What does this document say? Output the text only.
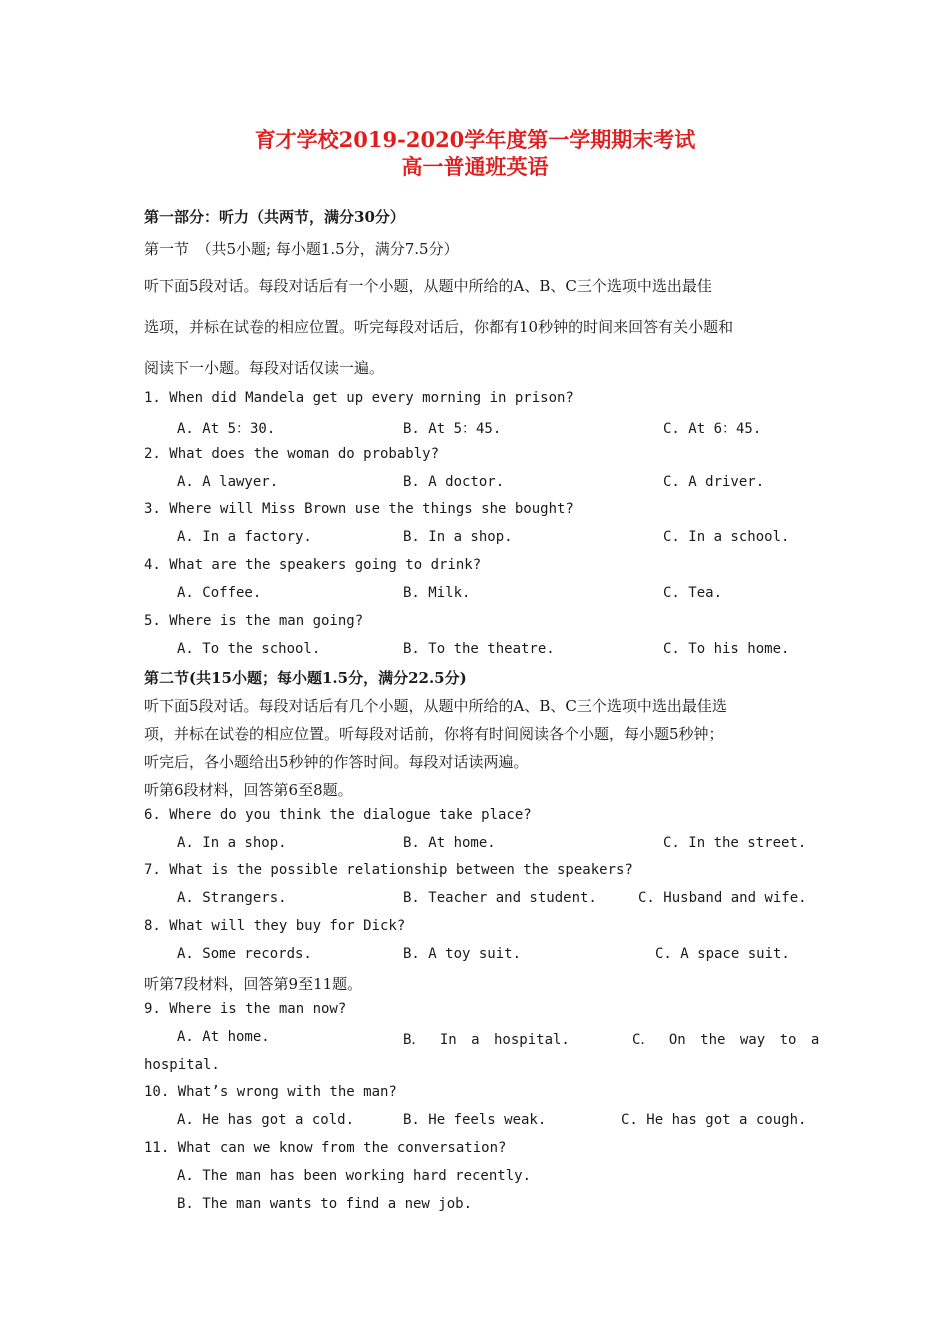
育才学校2019-2020学年度第一学期期末考试
高一普通班英语
第一部分：听力（共两节，满分30分）
第一节　（共5小题; 每小题1.5分，满分7.5分）
听下面5段对话。每段对话后有一个小题，从题中所给的A、B、C三个选项中选出最佳
选项，并标在试卷的相应位置。听完每段对话后，你都有10秒钟的时间来回答有关小题和
阅读下一小题。每段对话仅读一遍。
1. When did Mandela get up every morning in prison?
A. At 5：30.	B. At 5：45.	C. At 6：45.
2. What does the woman do probably?
A. A lawyer.	B. A doctor.	C. A driver.
3. Where will Miss Brown use the things she bought?
A. In a factory.	B. In a shop.	C. In a school.
4. What are the speakers going to drink?
A. Coffee.	B. Milk.	C. Tea.
5. Where is the man going?
A. To the school.	B. To the theatre.	C. To his home.
第二节(共15小题；每小题1.5分，满分22.5分)
听下面5段对话。每段对话后有几个小题，从题中所给的A、B、C三个选项中选出最佳选
项，并标在试卷的相应位置。听每段对话前，你将有时间阅读各个小题，每小题5秒钟；
听完后，各小题给出5秒钟的作答时间。每段对话读两遍。
听第6段材料，回答第6至8题。
6. Where do you think the dialogue take place?
A. In a shop.	B. At home.	C. In the street.
7. What is the possible relationship between the speakers?
A. Strangers.	B. Teacher and student.	C. Husband and wife.
8. What will they buy for Dick?
A. Some records.	B. A toy suit.	C. A space suit.
听第7段材料，回答第9至11题。
9. Where is the man now?
A. At home.	B． In a hospital.	C． On the way to a
hospital.
10. What’s wrong with the man?
A. He has got a cold.	B. He feels weak.	C. He has got a cough.
11. What can we know from the conversation?
A. The man has been working hard recently.
B. The man wants to find a new job.
